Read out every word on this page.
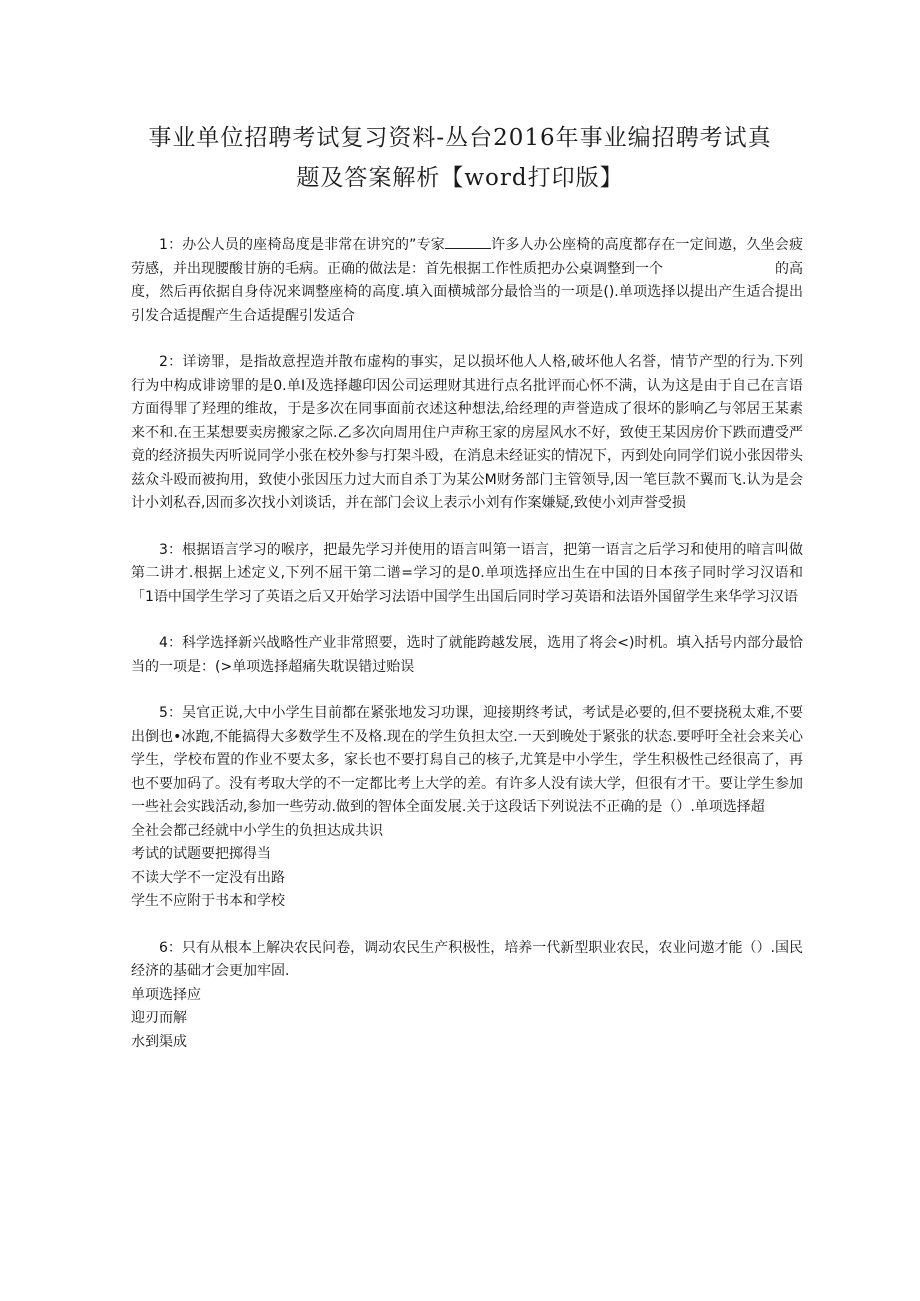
事业单位招聘考试复习资料-丛台2016年事业编招聘考试真
题及答案解析【word打印版】

1：办公人员的座椅岛度是非常在讲究的”专家	许多人办公座椅的高度都存在一定间遨，久坐会疲劳感，并出现腰酸甘旃的毛病。正确的做法是：首先根据工作性质把办公桌调整到一个	的高度，然后再依据自身侍况来调整座椅的高度.填入面横城部分最恰当的一项是().单项选择以提出产生适合提出引发合适提醒产生合适提醒引发适合

2：详谤罪，是指故意捏造并散布虚构的事实，足以损坏他人人格,破坏他人名誉，情节产型的行为.下列行为中构成诽谤罪的是0.单I及选择趣印因公司运理财其进行点名批评而心怀不满，认为这是由于自己在言语方面得罪了羟理的维故，于是多次在同事面前衣述这种想法,给经理的声誉造成了很坏的影响乙与邻居王某素来不和.在王某想要卖房搬家之际.乙多次向周用住户声称王家的房屋风水不好，致使王某因房价下跌而遭受严竟的经济损失丙听说同学小张在校外参与打架斗殴，在消息未经证实的情况下，丙到处向同学们说小张因带头兹众斗殴而被拘用，致使小张因压力过大而自杀丁为某公M财务部门主管领导,因一笔巨款不翼而飞.认为是会计小刘私吞,因而多次找小刘谈话，并在部门会议上表示小刘有作案嫌疑,致使小刘声誉受损

3：根据语言学习的喉序，把最先学习并使用的语言叫第一语言，把第一语言之后学习和使用的喑言叫做第二讲才.根据上述定义,下列不屈干第二谱=学习的是0.单项选择应出生在中国的日本孩子同时学习汉语和「1语中国学生学习了英语之后又开始学习法语中国学生出国后同时学习英语和法语外国留学生来华学习汉语

4：科学选择新兴战略性产业非常照要，选时了就能跨越发展，选用了将会<)时机。填入括号内部分最恰当的一项是：(>单项选择超痛失耽误错过贻误

5：吴官正说,大中小学生目前都在紧张地发习功课，迎接期终考试，考试是必要的,但不要挠税太难,不要出倒也•冰跑,不能搞得大多数学生不及格.现在的学生负担太空.一天到晚处于紧张的状态.要呼吁全社会来关心学生，学校布置的作业不要太多，家长也不要打舄自己的核子,尤箕是中小学生，学生积极性己经很高了，再也不要加码了。没有考取大学的不一定都比考上大学的差。有许多人没有读大学，但很有才干。要让学生参加一些社会实践活动,参加一些劳动.做到的智体全面发展.关于这段话下列说法不正确的是（）.单项选择超

全社会都己经就中小学生的负担达成共识
考试的试题要把掷得当
不读大学不一定没有出路
学生不应附于书本和学校

6：只有从根本上解决农民问卷，调动农民生产积极性，培养一代新型职业农民，农业问遨才能（）.国民经济的基础才会更加牢固.

单项选择应
迎刃而解
水到渠成
